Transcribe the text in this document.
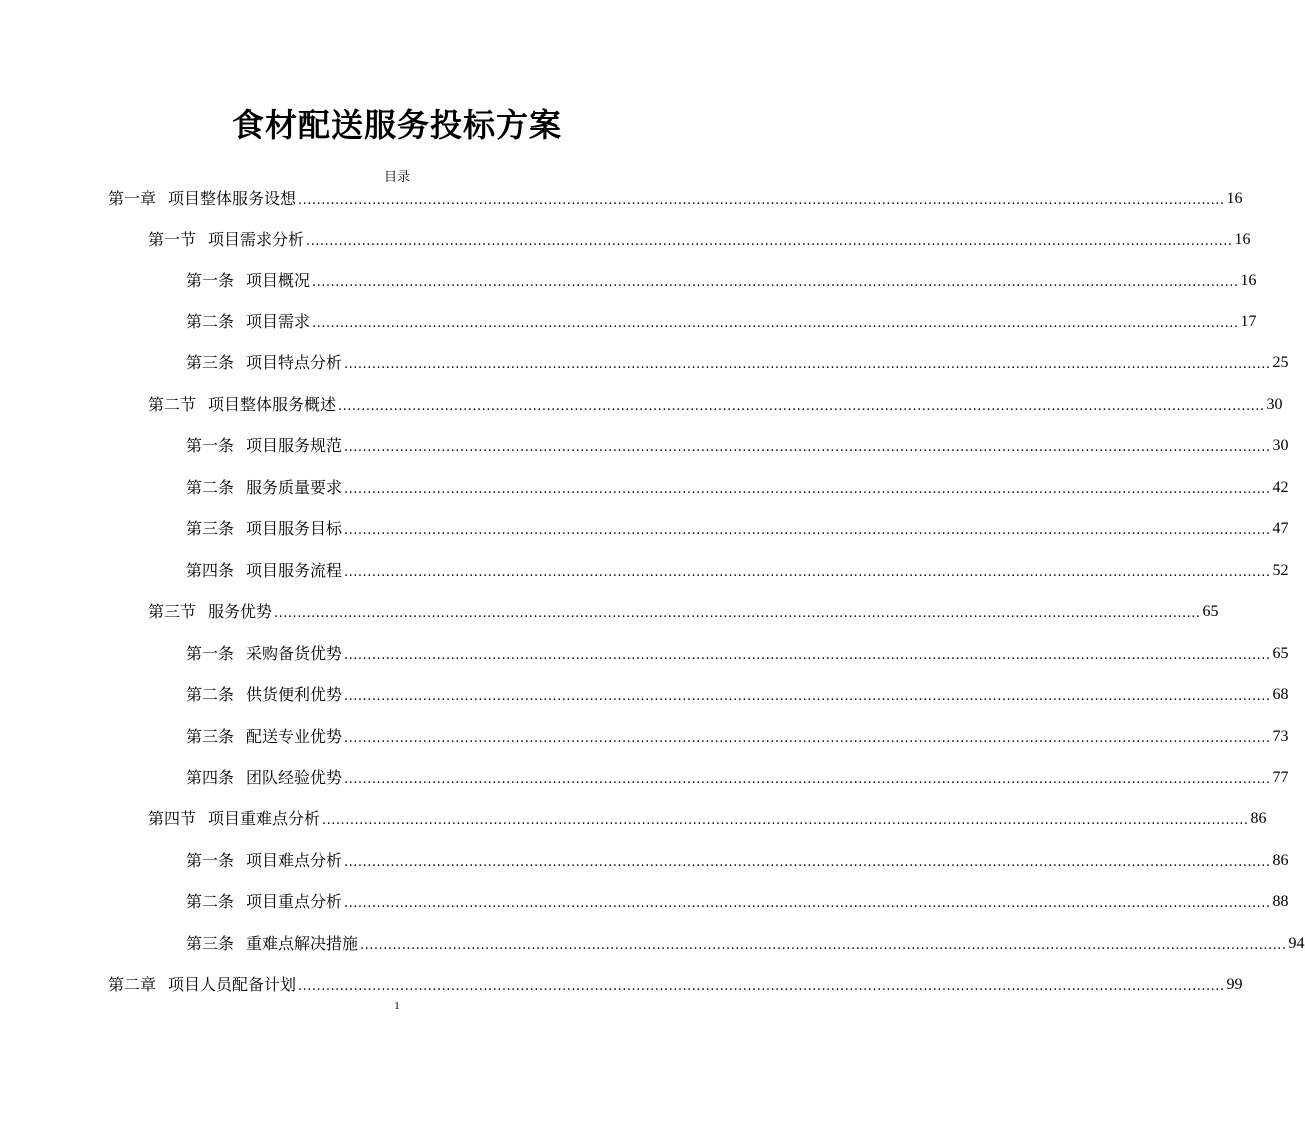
食材配送服务投标方案
目录
第一章 项目整体服务设想 ........................................................................................................................................................................................................ 16
第一节 项目需求分析 ........................................................................................................................................................................................................ 16
第一条 项目概况 ........................................................................................................................................................................................................ 16
第二条 项目需求 ........................................................................................................................................................................................................ 17
第三条 项目特点分析 ........................................................................................................................................................................................................ 25
第二节 项目整体服务概述 ........................................................................................................................................................................................................ 30
第一条 项目服务规范 ........................................................................................................................................................................................................ 30
第二条 服务质量要求 ........................................................................................................................................................................................................ 42
第三条 项目服务目标 ........................................................................................................................................................................................................ 47
第四条 项目服务流程 ........................................................................................................................................................................................................ 52
第三节 服务优势 ........................................................................................................................................................................................................ 65
第一条 采购备货优势 ........................................................................................................................................................................................................ 65
第二条 供货便利优势 ........................................................................................................................................................................................................ 68
第三条 配送专业优势 ........................................................................................................................................................................................................ 73
第四条 团队经验优势 ........................................................................................................................................................................................................ 77
第四节 项目重难点分析 ........................................................................................................................................................................................................ 86
第一条 项目难点分析 ........................................................................................................................................................................................................ 86
第二条 项目重点分析 ........................................................................................................................................................................................................ 88
第三条 重难点解决措施 ........................................................................................................................................................................................................ 94
第二章 项目人员配备计划 ........................................................................................................................................................................................................ 99
1
